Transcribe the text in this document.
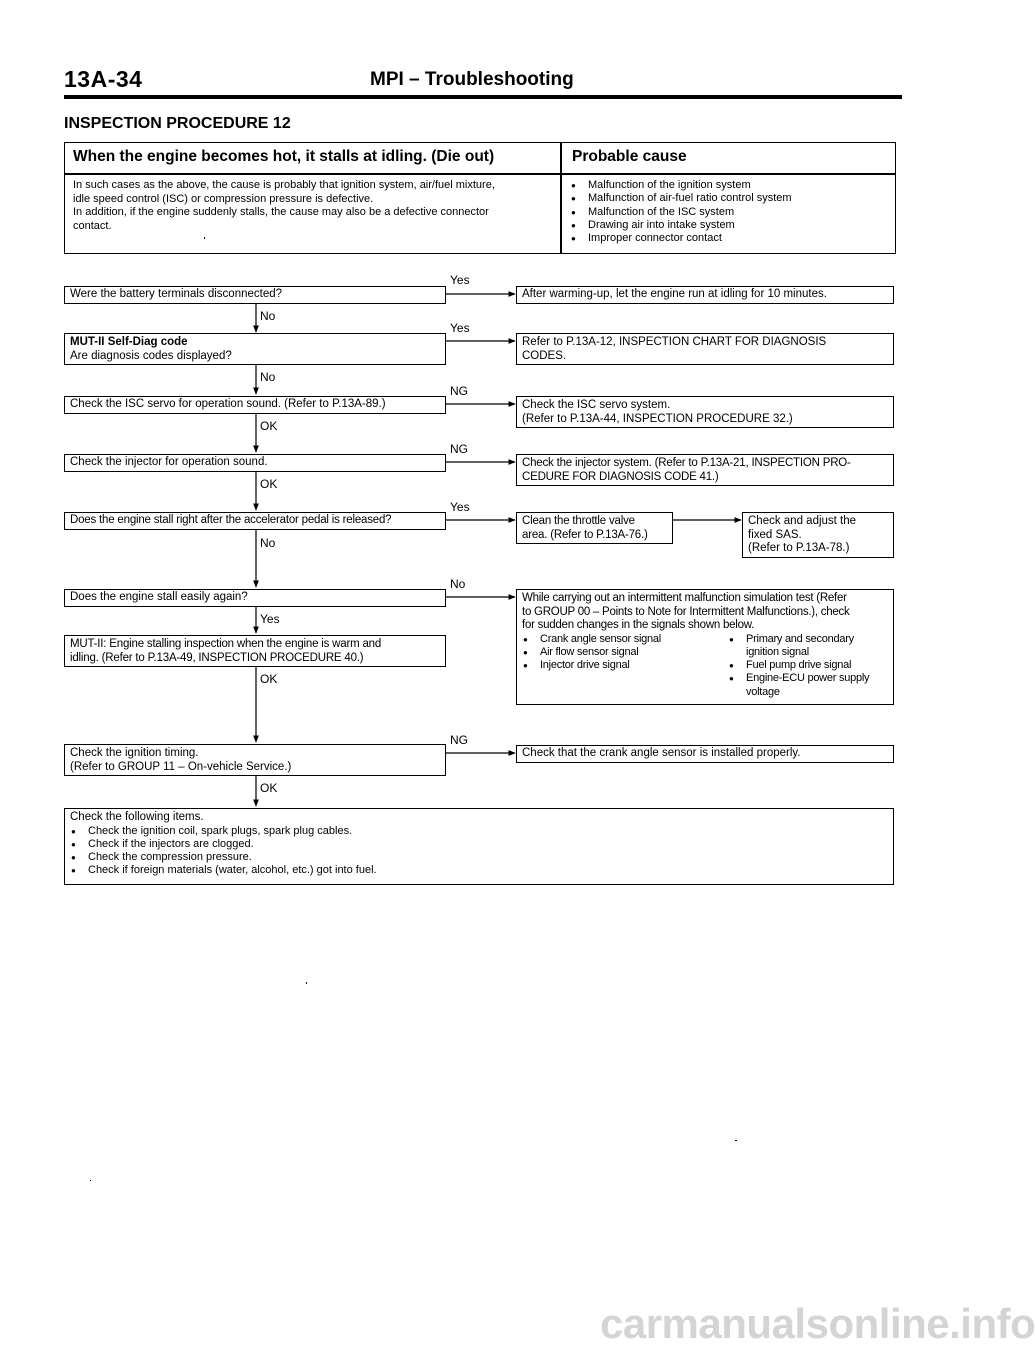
13A-34	MPI – Troubleshooting
INSPECTION PROCEDURE 12
When the engine becomes hot, it stalls at idling. (Die out)	Probable cause
In such cases as the above, the cause is probably that ignition system, air/fuel mixture,
idle speed control (ISC) or compression pressure is defective.
In addition, if the engine suddenly stalls, the cause may also be a defective connector
contact.
● Malfunction of the ignition system
● Malfunction of air-fuel ratio control system
● Malfunction of the ISC system
● Drawing air into intake system
● Improper connector contact
Were the battery terminals disconnected?
Yes
After warming-up, let the engine run at idling for 10 minutes.
No
MUT-II Self-Diag code
Are diagnosis codes displayed?
Yes
Refer to P.13A-12, INSPECTION CHART FOR DIAGNOSIS
CODES.
No
Check the ISC servo for operation sound. (Refer to P.13A-89.)
NG
Check the ISC servo system.
(Refer to P.13A-44, INSPECTION PROCEDURE 32.)
OK
Check the injector for operation sound.
NG
Check the injector system. (Refer to P.13A-21, INSPECTION PRO-
CEDURE FOR DIAGNOSIS CODE 41.)
OK
Does the engine stall right after the accelerator pedal is released?
Yes
Clean the throttle valve
area. (Refer to P.13A-76.)
Check and adjust the
fixed SAS.
(Refer to P.13A-78.)
No
Does the engine stall easily again?
No
While carrying out an intermittent malfunction simulation test (Refer
to GROUP 00 – Points to Note for Intermittent Malfunctions.), check
for sudden changes in the signals shown below.
● Crank angle sensor signal
● Air flow sensor signal
● Injector drive signal
● Primary and secondary ignition signal
● Fuel pump drive signal
● Engine-ECU power supply voltage
Yes
MUT-II: Engine stalling inspection when the engine is warm and
idling. (Refer to P.13A-49, INSPECTION PROCEDURE 40.)
OK
Check the ignition timing.
(Refer to GROUP 11 – On-vehicle Service.)
NG
Check that the crank angle sensor is installed properly.
OK
Check the following items.
● Check the ignition coil, spark plugs, spark plug cables.
● Check if the injectors are clogged.
● Check the compression pressure.
● Check if foreign materials (water, alcohol, etc.) got into fuel.
carmanualsonline.info
